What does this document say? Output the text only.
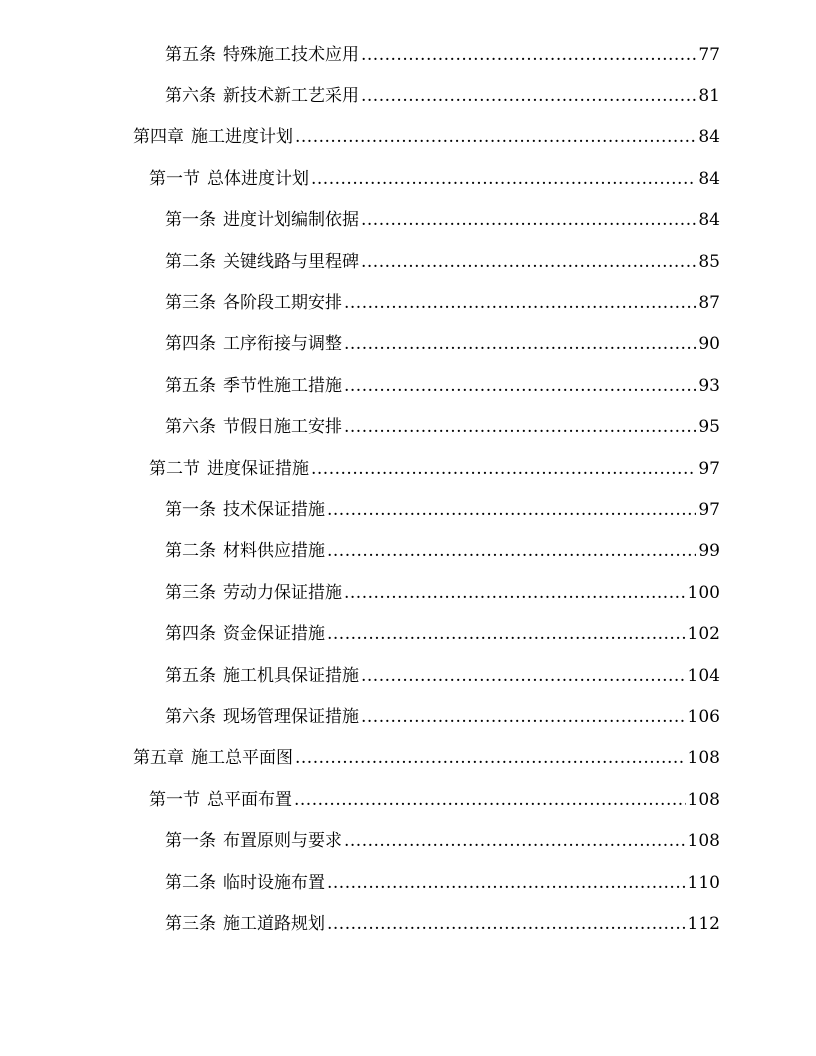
第五条 特殊施工技术应用 .....	77
第六条 新技术新工艺采用 .....	81
第四章 施工进度计划 .....	84
第一节 总体进度计划 .....	84
第一条 进度计划编制依据 .....	84
第二条 关键线路与里程碑 .....	85
第三条 各阶段工期安排 .....	87
第四条 工序衔接与调整 .....	90
第五条 季节性施工措施 .....	93
第六条 节假日施工安排 .....	95
第二节 进度保证措施 .....	97
第一条 技术保证措施 .....	97
第二条 材料供应措施 .....	99
第三条 劳动力保证措施 .....	100
第四条 资金保证措施 .....	102
第五条 施工机具保证措施 .....	104
第六条 现场管理保证措施 .....	106
第五章 施工总平面图 .....	108
第一节 总平面布置 .....	108
第一条 布置原则与要求 .....	108
第二条 临时设施布置 .....	110
第三条 施工道路规划 .....	112
